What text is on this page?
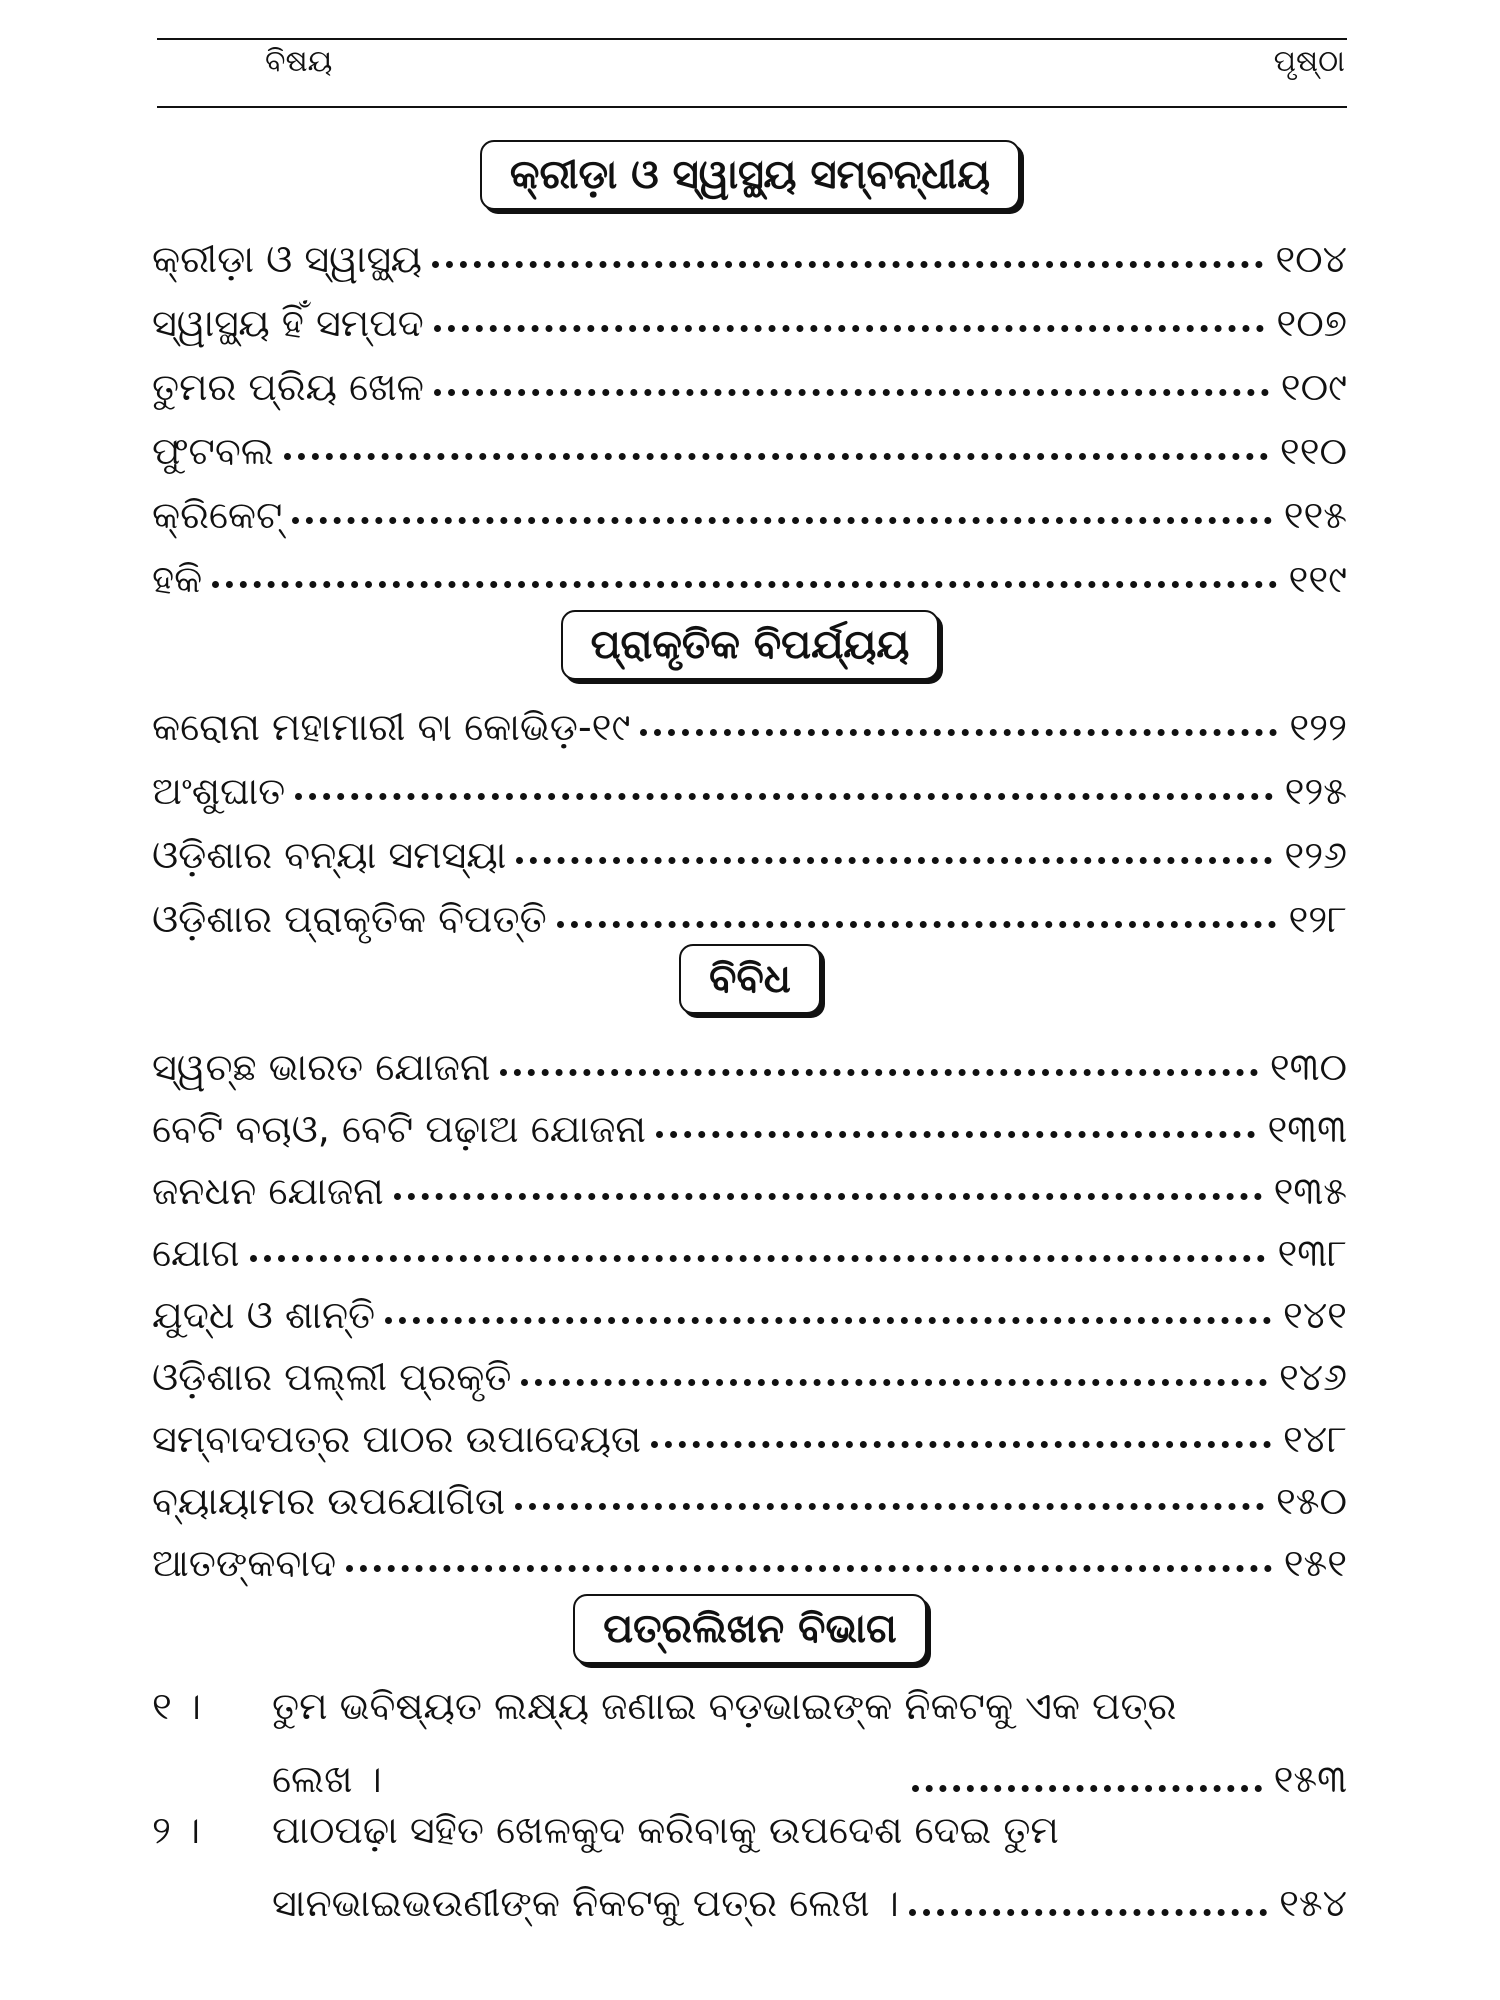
ବିଷୟ	ପୃଷ୍ଠା
କ୍ରୀଡ଼ା ଓ ସ୍ୱାସ୍ଥ୍ୟ ସମ୍ବନ୍ଧୀୟ
କ୍ରୀଡ଼ା ଓ ସ୍ୱାସ୍ଥ୍ୟ	୧୦୪
ସ୍ୱାସ୍ଥ୍ୟ ହିଁ ସମ୍ପଦ	୧୦୭
ତୁମର ପ୍ରିୟ ଖେଳ	୧୦୯
ଫୁଟବଲ	୧୧୦
କ୍ରିକେଟ୍	୧୧୫
ହକି	୧୧୯
ପ୍ରାକୃତିକ ବିପର୍ଯ୍ୟୟ
କରୋନା ମହାମାରୀ ବା କୋଭିଡ଼-୧୯	୧୨୨
ଅଂଶୁଘାତ	୧୨୫
ଓଡ଼ିଶାର ବନ୍ୟା ସମସ୍ୟା	୧୨୬
ଓଡ଼ିଶାର ପ୍ରାକୃତିକ ବିପତ୍ତି	୧୨୮
ବିବିଧ
ସ୍ୱଚ୍ଛ ଭାରତ ଯୋଜନା	୧୩୦
ବେଟି ବଚାଓ, ବେଟି ପଢ଼ାଅ ଯୋଜନା	୧୩୩
ଜନଧନ ଯୋଜନା	୧୩୫
ଯୋଗ	୧୩୮
ଯୁଦ୍ଧ ଓ ଶାନ୍ତି	୧୪୧
ଓଡ଼ିଶାର ପଲ୍ଲୀ ପ୍ରକୃତି	୧୪୬
ସମ୍ବାଦପତ୍ର ପାଠର ଉପାଦେୟତା	୧୪୮
ବ୍ୟାୟାମର ଉପଯୋଗିତା	୧୫୦
ଆତଙ୍କବାଦ	୧୫୧
ପତ୍ରଲିଖନ ବିଭାଗ
୧ । ତୁମ ଭବିଷ୍ୟତ ଲକ୍ଷ୍ୟ ଜଣାଇ ବଡ଼ଭାଇଙ୍କ ନିକଟକୁ ଏକ ପତ୍ର
ଲେଖ ।	୧୫୩
୨ । ପାଠପଢ଼ା ସହିତ ଖେଳକୁଦ କରିବାକୁ ଉପଦେଶ ଦେଇ ତୁମ
ସାନଭାଇଭଉଣୀଙ୍କ ନିକଟକୁ ପତ୍ର ଲେଖ ।	୧୫୪
